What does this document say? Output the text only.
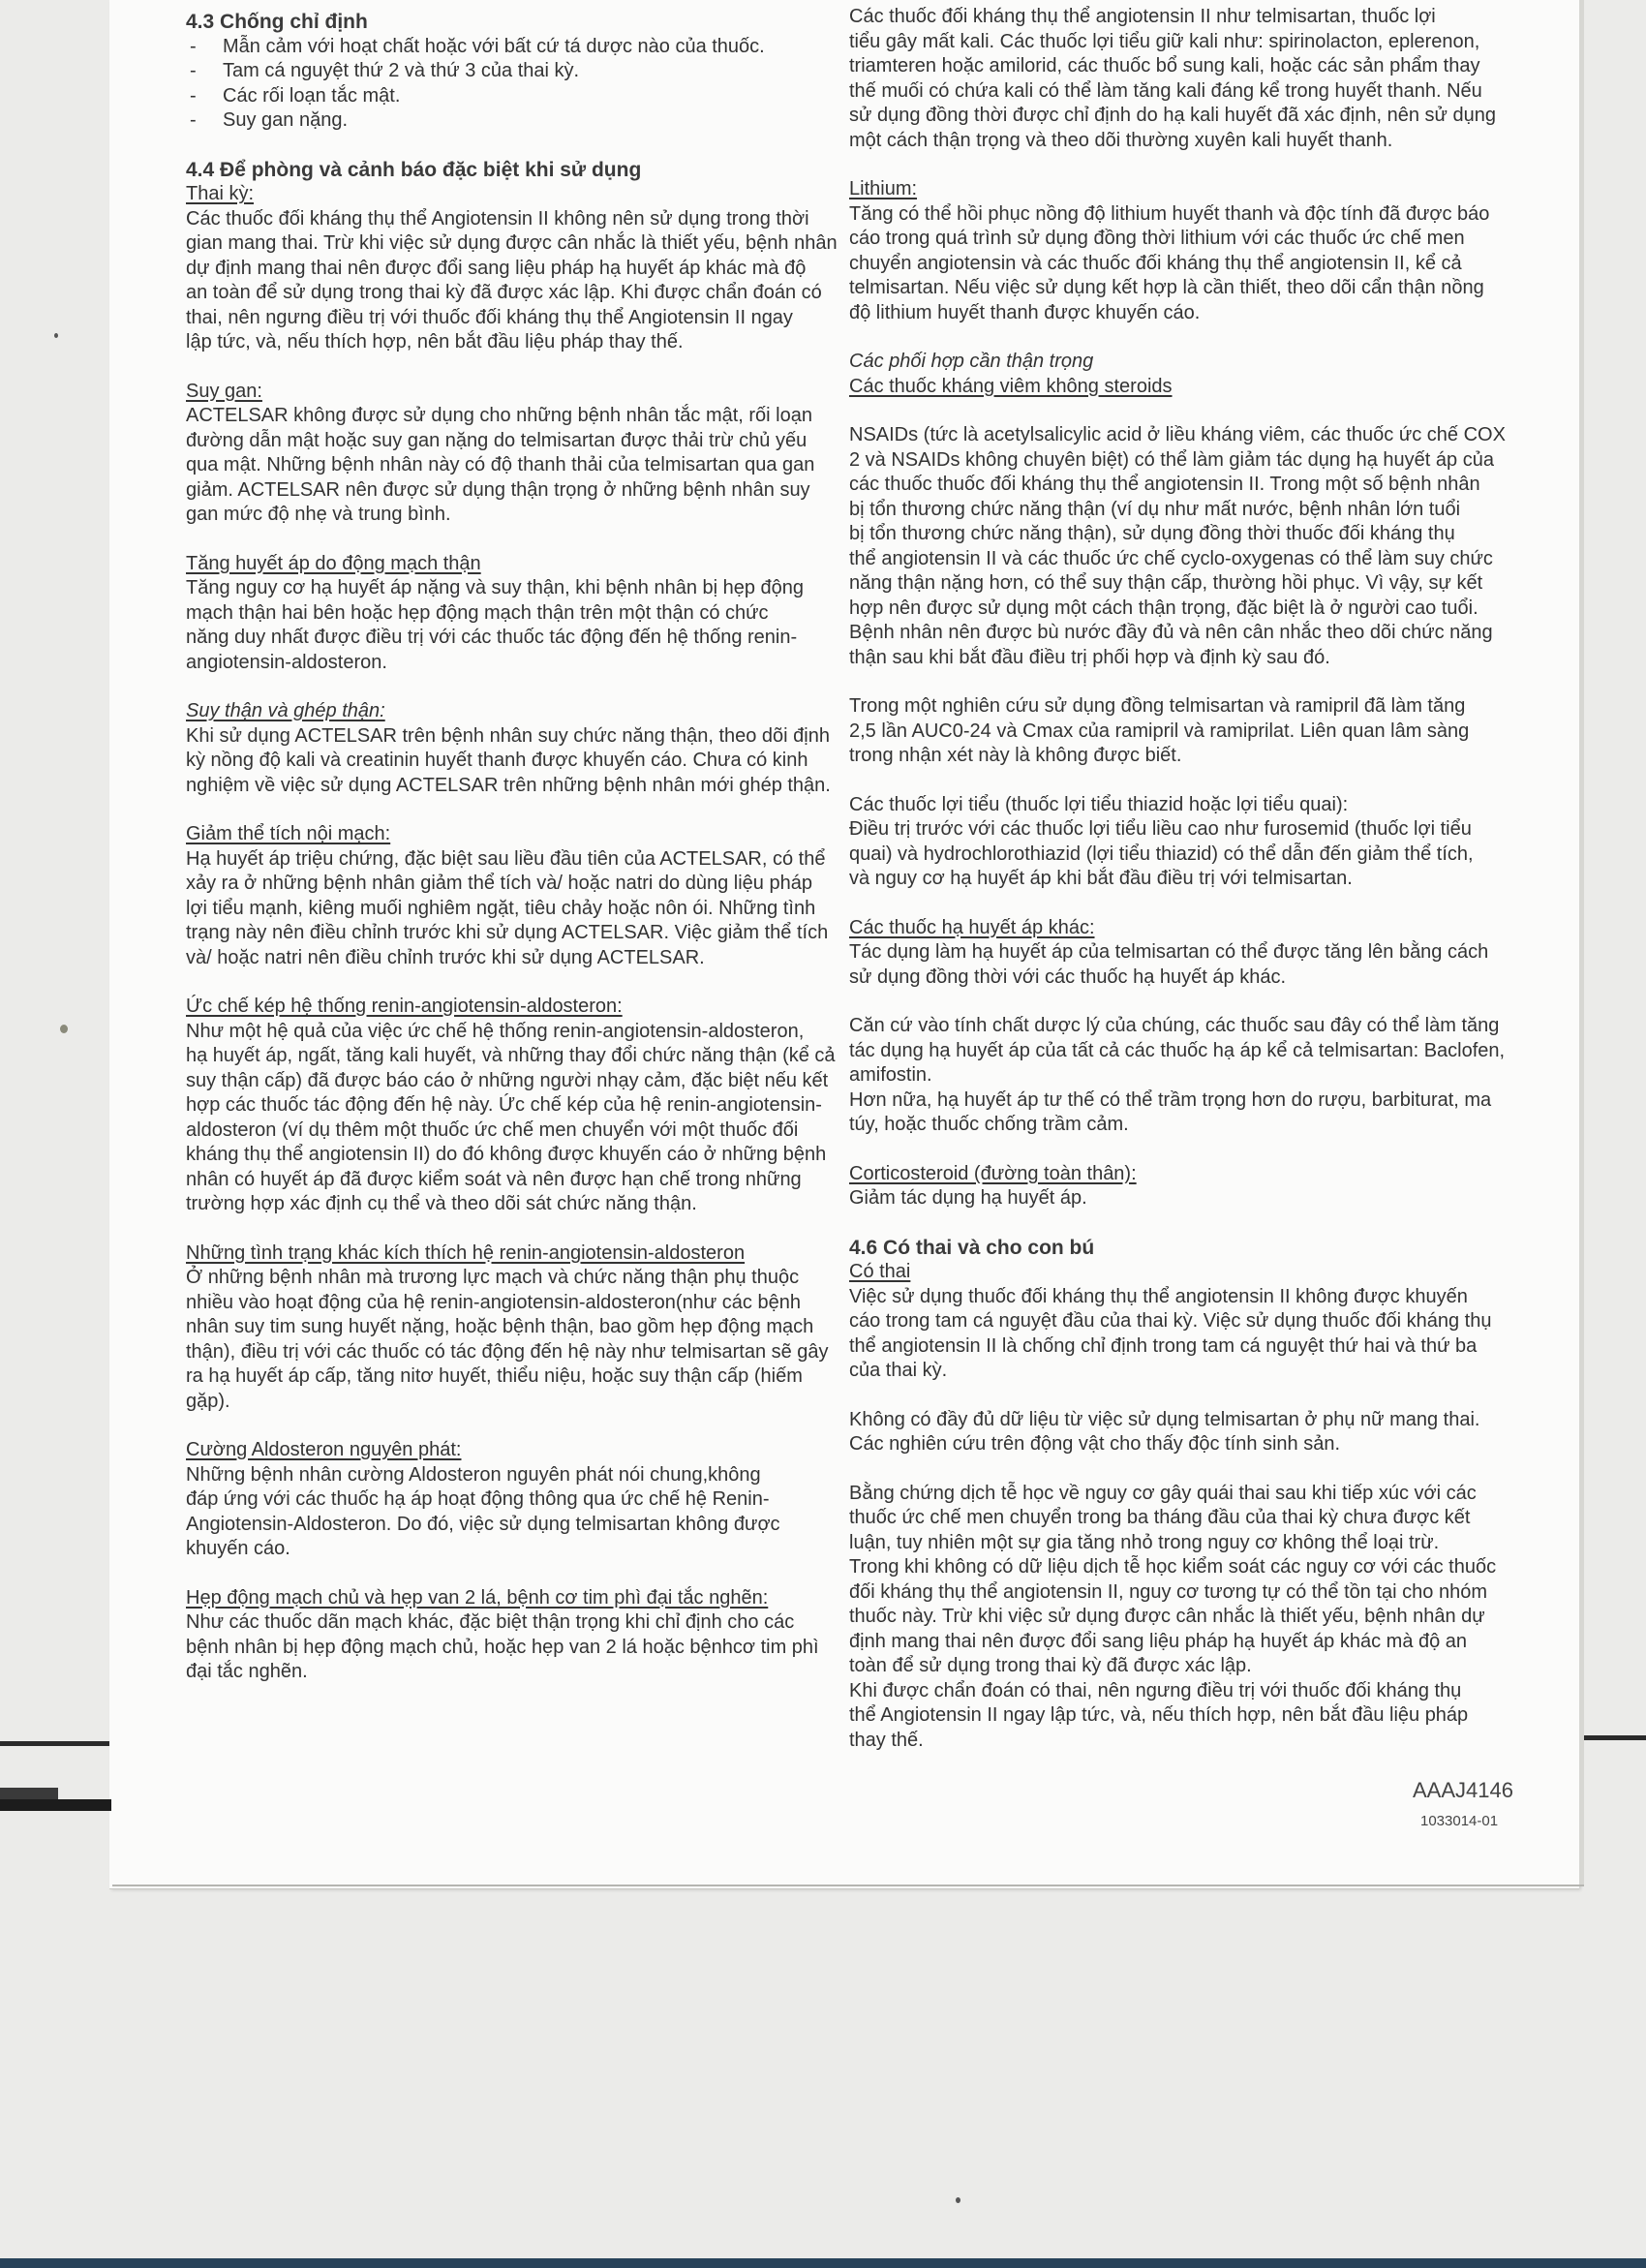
4.3 Chống chỉ định

- Mẫn cảm với hoạt chất hoặc với bất cứ tá dược nào của thuốc.

- Tam cá nguyệt thứ 2 và thứ 3 của thai kỳ.

- Các rối loạn tắc mật.

- Suy gan nặng.

4.4 Để phòng và cảnh báo đặc biệt khi sử dụng

Thai kỳ:

Các thuốc đối kháng thụ thể Angiotensin II không nên sử dụng trong thời

gian mang thai. Trừ khi việc sử dụng được cân nhắc là thiết yếu, bệnh nhân

dự định mang thai nên được đổi sang liệu pháp hạ huyết áp khác mà độ

an toàn để sử dụng trong thai kỳ đã được xác lập. Khi được chẩn đoán có

thai, nên ngưng điều trị với thuốc đối kháng thụ thể Angiotensin II ngay

lập tức, và, nếu thích hợp, nên bắt đầu liệu pháp thay thế.

Suy gan:

ACTELSAR không được sử dụng cho những bệnh nhân tắc mật, rối loạn

đường dẫn mật hoặc suy gan nặng do telmisartan được thải trừ chủ yếu

qua mật. Những bệnh nhân này có độ thanh thải của telmisartan qua gan

giảm. ACTELSAR nên được sử dụng thận trọng ở những bệnh nhân suy

gan mức độ nhẹ và trung bình.

Tăng huyết áp do động mạch thận

Tăng nguy cơ hạ huyết áp nặng và suy thận, khi bệnh nhân bị hẹp động

mạch thận hai bên hoặc hẹp động mạch thận trên một thận có chức

năng duy nhất được điều trị với các thuốc tác động đến hệ thống renin-

angiotensin-aldosteron.

Suy thận và ghép thận:

Khi sử dụng ACTELSAR trên bệnh nhân suy chức năng thận, theo dõi định

kỳ nồng độ kali và creatinin huyết thanh được khuyến cáo. Chưa có kinh

nghiệm về việc sử dụng ACTELSAR trên những bệnh nhân mới ghép thận.

Giảm thể tích nội mạch:

Hạ huyết áp triệu chứng, đặc biệt sau liều đầu tiên của ACTELSAR, có thể

xảy ra ở những bệnh nhân giảm thể tích và/ hoặc natri do dùng liệu pháp

lợi tiểu mạnh, kiêng muối nghiêm ngặt, tiêu chảy hoặc nôn ói. Những tình

trạng này nên điều chỉnh trước khi sử dụng ACTELSAR. Việc giảm thể tích

và/ hoặc natri nên điều chỉnh trước khi sử dụng ACTELSAR.

Ức chế kép hệ thống renin-angiotensin-aldosteron:

Như một hệ quả của việc ức chế hệ thống renin-angiotensin-aldosteron,

hạ huyết áp, ngất, tăng kali huyết, và những thay đổi chức năng thận (kể cả

suy thận cấp) đã được báo cáo ở những người nhạy cảm, đặc biệt nếu kết

hợp các thuốc tác động đến hệ này. Ức chế kép của hệ renin-angiotensin-

aldosteron (ví dụ thêm một thuốc ức chế men chuyển với một thuốc đối

kháng thụ thể angiotensin II) do đó không được khuyến cáo ở những bệnh

nhân có huyết áp đã được kiểm soát và nên được hạn chế trong những

trường hợp xác định cụ thể và theo dõi sát chức năng thận.

Những tình trạng khác kích thích hệ renin-angiotensin-aldosteron

Ở những bệnh nhân mà trương lực mạch và chức năng thận phụ thuộc

nhiều vào hoạt động của hệ renin-angiotensin-aldosteron(như các bệnh

nhân suy tim sung huyết nặng, hoặc bệnh thận, bao gồm hẹp động mạch

thận), điều trị với các thuốc có tác động đến hệ này như telmisartan sẽ gây

ra hạ huyết áp cấp, tăng nitơ huyết, thiểu niệu, hoặc suy thận cấp (hiếm

gặp).

Cường Aldosteron nguyên phát:

Những bệnh nhân cường Aldosteron nguyên phát nói chung,không

đáp ứng với các thuốc hạ áp hoạt động thông qua ức chế hệ Renin-

Angiotensin-Aldosteron. Do đó, việc sử dụng telmisartan không được

khuyến cáo.

Hẹp động mạch chủ và hẹp van 2 lá, bệnh cơ tim phì đại tắc nghẽn:

Như các thuốc dãn mạch khác, đặc biệt thận trọng khi chỉ định cho các

bệnh nhân bị hẹp động mạch chủ, hoặc hẹp van 2 lá hoặc bệnhcơ tim phì

đại tắc nghẽn.

Các thuốc đối kháng thụ thể angiotensin II như telmisartan, thuốc lợi

tiểu gây mất kali. Các thuốc lợi tiểu giữ kali như: spirinolacton, eplerenon,

triamteren hoặc amilorid, các thuốc bổ sung kali, hoặc các sản phẩm thay

thế muối có chứa kali có thể làm tăng kali đáng kể trong huyết thanh. Nếu

sử dụng đồng thời được chỉ định do hạ kali huyết đã xác định, nên sử dụng

một cách thận trọng và theo dõi thường xuyên kali huyết thanh.

Lithium:

Tăng có thể hồi phục nồng độ lithium huyết thanh và độc tính đã được báo

cáo trong quá trình sử dụng đồng thời lithium với các thuốc ức chế men

chuyển angiotensin và các thuốc đối kháng thụ thể angiotensin II, kể cả

telmisartan. Nếu việc sử dụng kết hợp là cần thiết, theo dõi cẩn thận nồng

độ lithium huyết thanh được khuyến cáo.

Các phối hợp cần thận trọng

Các thuốc kháng viêm không steroids

NSAIDs (tức là acetylsalicylic acid ở liều kháng viêm, các thuốc ức chế COX

2 và NSAIDs không chuyên biệt) có thể làm giảm tác dụng hạ huyết áp của

các thuốc thuốc đối kháng thụ thể angiotensin II. Trong một số bệnh nhân

bị tổn thương chức năng thận (ví dụ như mất nước, bệnh nhân lớn tuổi

bị tổn thương chức năng thận), sử dụng đồng thời thuốc đối kháng thụ

thể angiotensin II và các thuốc ức chế cyclo-oxygenas có thể làm suy chức

năng thận nặng hơn, có thể suy thận cấp, thường hồi phục. Vì vậy, sự kết

hợp nên được sử dụng một cách thận trọng, đặc biệt là ở người cao tuổi.

Bệnh nhân nên được bù nước đầy đủ và nên cân nhắc theo dõi chức năng

thận sau khi bắt đầu điều trị phối hợp và định kỳ sau đó.

Trong một nghiên cứu sử dụng đồng telmisartan và ramipril đã làm tăng

2,5 lần AUC0-24 và Cmax của ramipril và ramiprilat. Liên quan lâm sàng

trong nhận xét này là không được biết.

Các thuốc lợi tiểu (thuốc lợi tiểu thiazid hoặc lợi tiểu quai):

Điều trị trước với các thuốc lợi tiểu liều cao như furosemid (thuốc lợi tiểu

quai) và hydrochlorothiazid (lợi tiểu thiazid) có thể dẫn đến giảm thể tích,

và nguy cơ hạ huyết áp khi bắt đầu điều trị với telmisartan.

Các thuốc hạ huyết áp khác:

Tác dụng làm hạ huyết áp của telmisartan có thể được tăng lên bằng cách

sử dụng đồng thời với các thuốc hạ huyết áp khác.

Căn cứ vào tính chất dược lý của chúng, các thuốc sau đây có thể làm tăng

tác dụng hạ huyết áp của tất cả các thuốc hạ áp kể cả telmisartan: Baclofen,

amifostin.

Hơn nữa, hạ huyết áp tư thế có thể trầm trọng hơn do rượu, barbiturat, ma

túy, hoặc thuốc chống trầm cảm.

Corticosteroid (đường toàn thân):

Giảm tác dụng hạ huyết áp.

4.6 Có thai và cho con bú

Có thai

Việc sử dụng thuốc đối kháng thụ thể angiotensin II không được khuyến

cáo trong tam cá nguyệt đầu của thai kỳ. Việc sử dụng thuốc đối kháng thụ

thể angiotensin II là chống chỉ định trong tam cá nguyệt thứ hai và thứ ba

của thai kỳ.

Không có đầy đủ dữ liệu từ việc sử dụng telmisartan ở phụ nữ mang thai.

Các nghiên cứu trên động vật cho thấy độc tính sinh sản.

Bằng chứng dịch tễ học về nguy cơ gây quái thai sau khi tiếp xúc với các

thuốc ức chế men chuyển trong ba tháng đầu của thai kỳ chưa được kết

luận, tuy nhiên một sự gia tăng nhỏ trong nguy cơ không thể loại trừ.

Trong khi không có dữ liệu dịch tễ học kiểm soát các nguy cơ với các thuốc

đối kháng thụ thể angiotensin II, nguy cơ tương tự có thể tồn tại cho nhóm

thuốc này. Trừ khi việc sử dụng được cân nhắc là thiết yếu, bệnh nhân dự

định mang thai nên được đổi sang liệu pháp hạ huyết áp khác mà độ an

toàn để sử dụng trong thai kỳ đã được xác lập.

Khi được chẩn đoán có thai, nên ngưng điều trị với thuốc đối kháng thụ

thể Angiotensin II ngay lập tức, và, nếu thích hợp, nên bắt đầu liệu pháp

thay thế.

AAAJ4146
1033014-01
